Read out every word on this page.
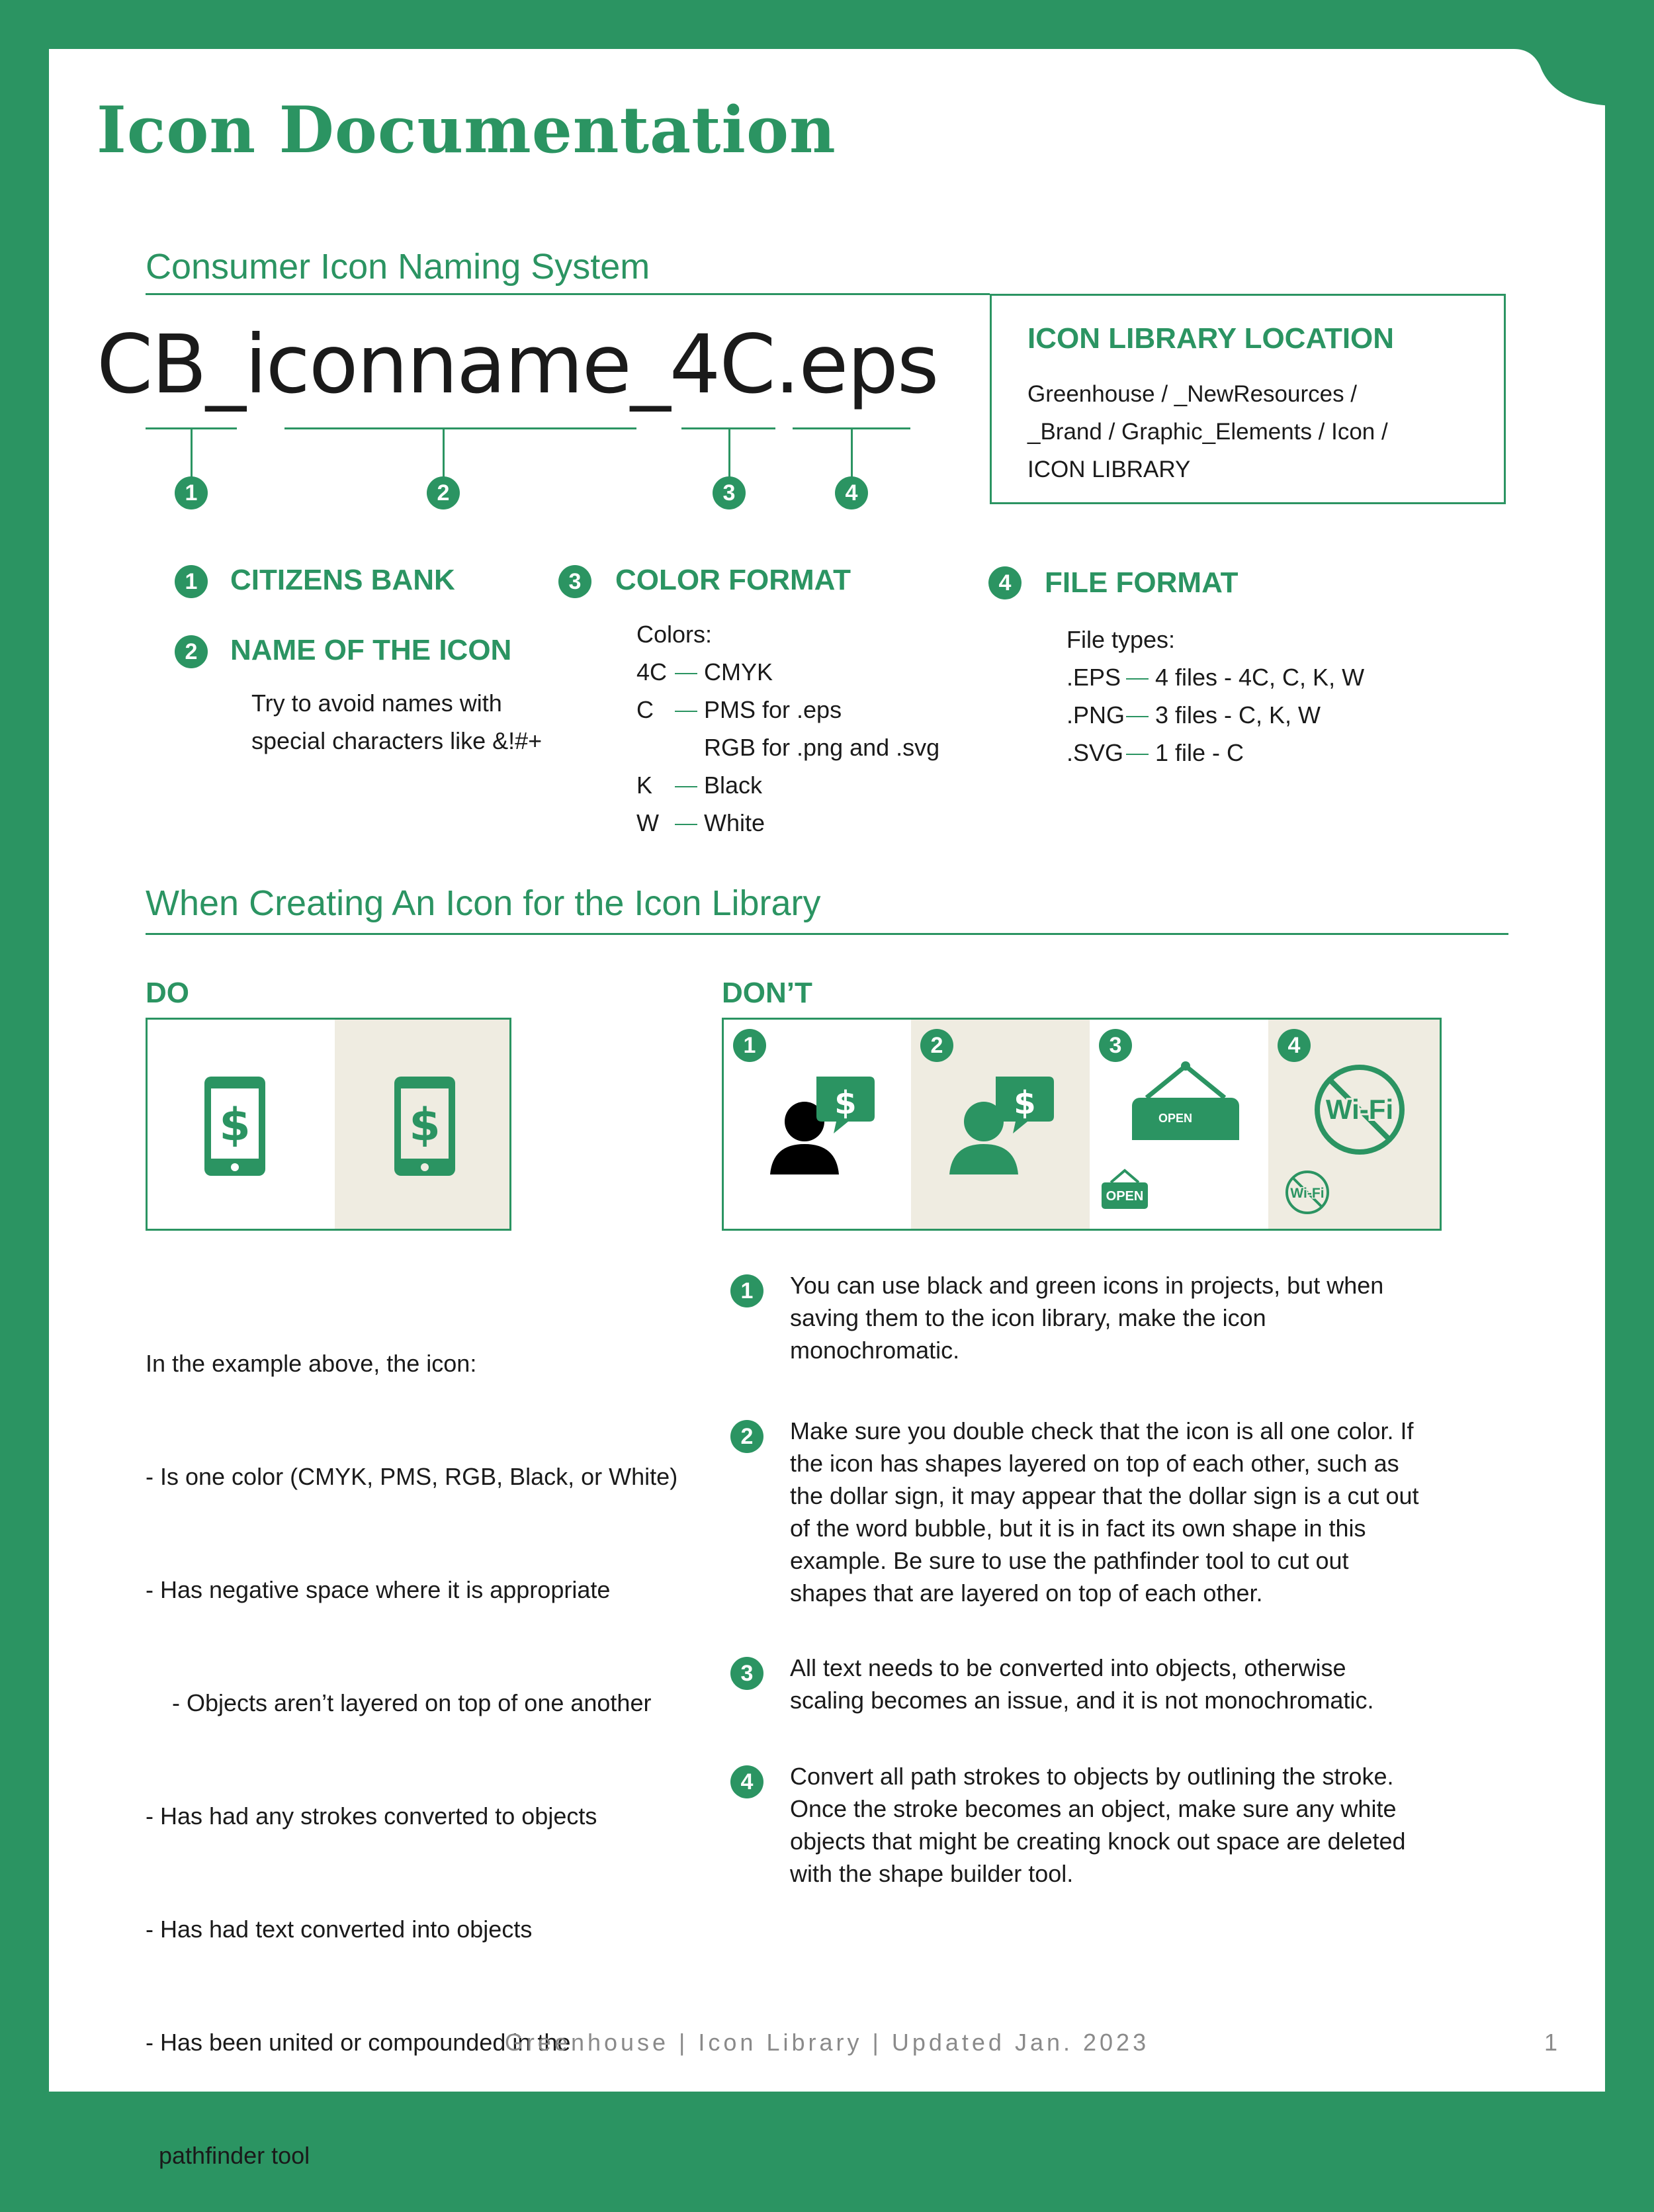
Icon Documentation
Consumer Icon Naming System
CB_iconname_4C.eps
1	2	3	4
ICON LIBRARY LOCATION
Greenhouse / _NewResources /
_Brand / Graphic_Elements / Icon /
ICON LIBRARY
1	CITIZENS BANK
2	NAME OF THE ICON
Try to avoid names with
special characters like &!#+
3	COLOR FORMAT
Colors:
4C CMYK
C PMS for .eps
RGB for .png and .svg
K Black
W White
4	FILE FORMAT
File types:
.EPS 4 files - 4C, C, K, W
.PNG 3 files - C, K, W
.SVG 1 file - C
When Creating An Icon for the Icon Library
DO	DON’T
$	$
1
$
2
$
3
OPEN
OPEN
4
Wi-Fi
Wi-Fi

In the example above, the icon:

- Is one color (CMYK, PMS, RGB, Black, or White)

- Has negative space where it is appropriate

- Objects aren’t layered on top of one another

- Has had any strokes converted to objects

- Has had text converted into objects

- Has been united or compounded in the

pathfinder tool

1	You can use black and green icons in projects, but when saving them to the icon library, make the icon monochromatic.
2	Make sure you double check that the icon is all one color. If the icon has shapes layered on top of each other, such as the dollar sign, it may appear that the dollar sign is a cut out of the word bubble, but it is in fact its own shape in this example. Be sure to use the pathfinder tool to cut out shapes that are layered on top of each other.
3	All text needs to be converted into objects, otherwise scaling becomes an issue, and it is not monochromatic.
4	Convert all path strokes to objects by outlining the stroke. Once the stroke becomes an object, make sure any white objects that might be creating knock out space are deleted with the shape builder tool.
Greenhouse | Icon Library | Updated Jan. 2023	1
